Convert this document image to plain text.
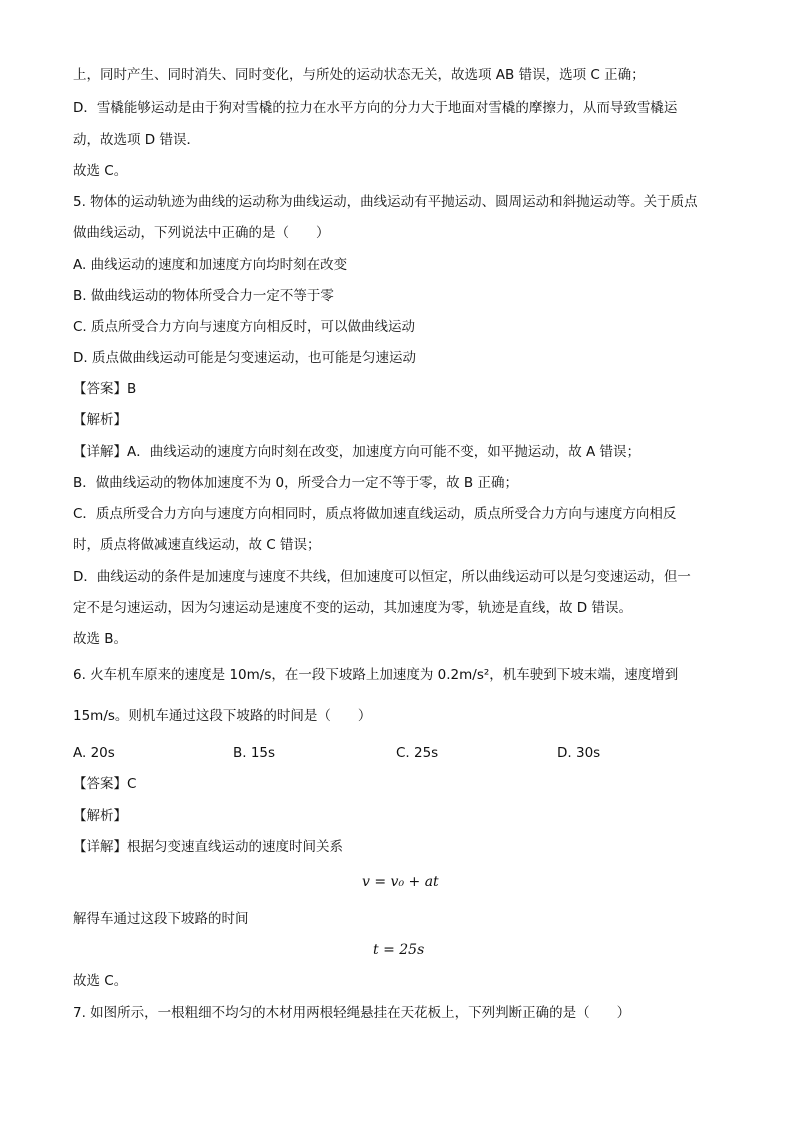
上，同时产生、同时消失、同时变化，与所处的运动状态无关，故选项 AB 错误，选项 C 正确；
D．雪橇能够运动是由于狗对雪橇的拉力在水平方向的分力大于地面对雪橇的摩擦力，从而导致雪橇运
动，故选项 D 错误．
故选 C。
5. 物体的运动轨迹为曲线的运动称为曲线运动，曲线运动有平抛运动、圆周运动和斜抛运动等。关于质点
做曲线运动，下列说法中正确的是（　　）
A. 曲线运动的速度和加速度方向均时刻在改变
B. 做曲线运动的物体所受合力一定不等于零
C. 质点所受合力方向与速度方向相反时，可以做曲线运动
D. 质点做曲线运动可能是匀变速运动，也可能是匀速运动
【答案】B
【解析】
【详解】A．曲线运动的速度方向时刻在改变，加速度方向可能不变，如平抛运动，故 A 错误；
B．做曲线运动的物体加速度不为 0，所受合力一定不等于零，故 B 正确；
C．质点所受合力方向与速度方向相同时，质点将做加速直线运动，质点所受合力方向与速度方向相反
时，质点将做减速直线运动，故 C 错误；
D．曲线运动的条件是加速度与速度不共线，但加速度可以恒定，所以曲线运动可以是匀变速运动，但一
定不是匀速运动，因为匀速运动是速度不变的运动，其加速度为零，轨迹是直线，故 D 错误。
故选 B。
6. 火车机车原来的速度是 10m/s，在一段下坡路上加速度为 0.2m/s²，机车驶到下坡末端，速度增到
15m/s。则机车通过这段下坡路的时间是（　　）
A. 20s	B. 15s	C. 25s	D. 30s
【答案】C
【解析】
【详解】根据匀变速直线运动的速度时间关系
v = v₀ + at
解得车通过这段下坡路的时间
t = 25s
故选 C。
7. 如图所示，一根粗细不均匀的木材用两根轻绳悬挂在天花板上，下列判断正确的是（　　）
